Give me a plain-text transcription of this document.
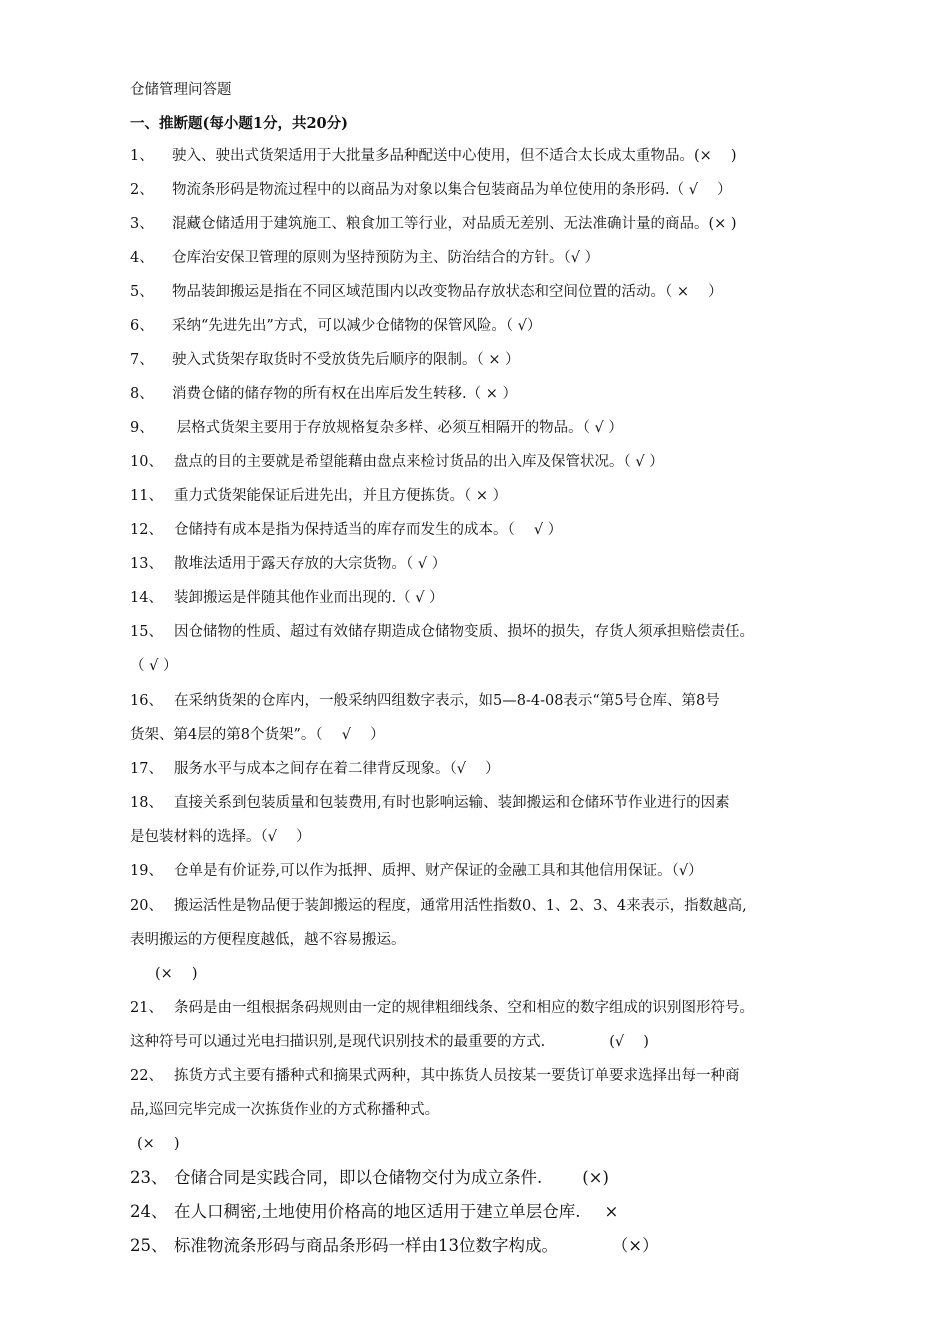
仓储管理问答题
一、推断题(每小题1分，共20分)
1、 驶入、驶出式货架适用于大批量多品种配送中心使用，但不适合太长成太重物品。(×　 )
2、 物流条形码是物流过程中的以商品为对象以集合包装商品为单位使用的条形码.（ √ 　）
3、 混藏仓储适用于建筑施工、粮食加工等行业，对品质无差别、无法准确计量的商品。(× )
4、 仓库治安保卫管理的原则为坚持预防为主、防治结合的方针。（√ ）
5、 物品装卸搬运是指在不同区域范围内以改变物品存放状态和空间位置的活动。（ × 　）
6、 采纳“先进先出”方式，可以减少仓储物的保管风险。（ √）
7、 驶入式货架存取货时不受放货先后顺序的限制。（ × ）
8、 消费仓储的储存物的所有权在出库后发生转移.（ × ）
9、 层格式货架主要用于存放规格复杂多样、必须互相隔开的物品。（ √ ）
10、 盘点的目的主要就是希望能藉由盘点来检讨货品的出入库及保管状况。（ √ ）
11、 重力式货架能保证后进先出，并且方便拣货。（ × ）
12、 仓储持有成本是指为保持适当的库存而发生的成本。（　 √ ）
13、 散堆法适用于露天存放的大宗货物。（ √ ）
14、 装卸搬运是伴随其他作业而出现的.（ √ ）
15、 因仓储物的性质、超过有效储存期造成仓储物变质、损坏的损失，存货人须承担赔偿责任。
（ √ ）
16、 在采纳货架的仓库内，一般采纳四组数字表示，如5—8-4-08表示“第5号仓库、第8号
货架、第4层的第8个货架”。（　 √　 ）
17、 服务水平与成本之间存在着二律背反现象。（√　 ）
18、 直接关系到包装质量和包装费用,有时也影响运输、装卸搬运和仓储环节作业进行的因素
是包装材料的选择。（√　 ）
19、 仓单是有价证券,可以作为抵押、质押、财产保证的金融工具和其他信用保证。（√）
20、 搬运活性是物品便于装卸搬运的程度，通常用活性指数0、1、2、3、4来表示，指数越高,
表明搬运的方便程度越低，越不容易搬运。
(×　 )
21、 条码是由一组根据条码规则由一定的规律粗细线条、空和相应的数字组成的识别图形符号。
这种符号可以通过光电扫描识别,是现代识别技术的最重要的方式.	(√　 )
22、 拣货方式主要有播种式和摘果式两种，其中拣货人员按某一要货订单要求选择出每一种商
品,巡回完毕完成一次拣货作业的方式称播种式。
(×　 )
23、 仓储合同是实践合同，即以仓储物交付为成立条件. (×)
24、 在人口稠密,土地使用价格高的地区适用于建立单层仓库. ×
25、 标准物流条形码与商品条形码一样由13位数字构成。	（×）
